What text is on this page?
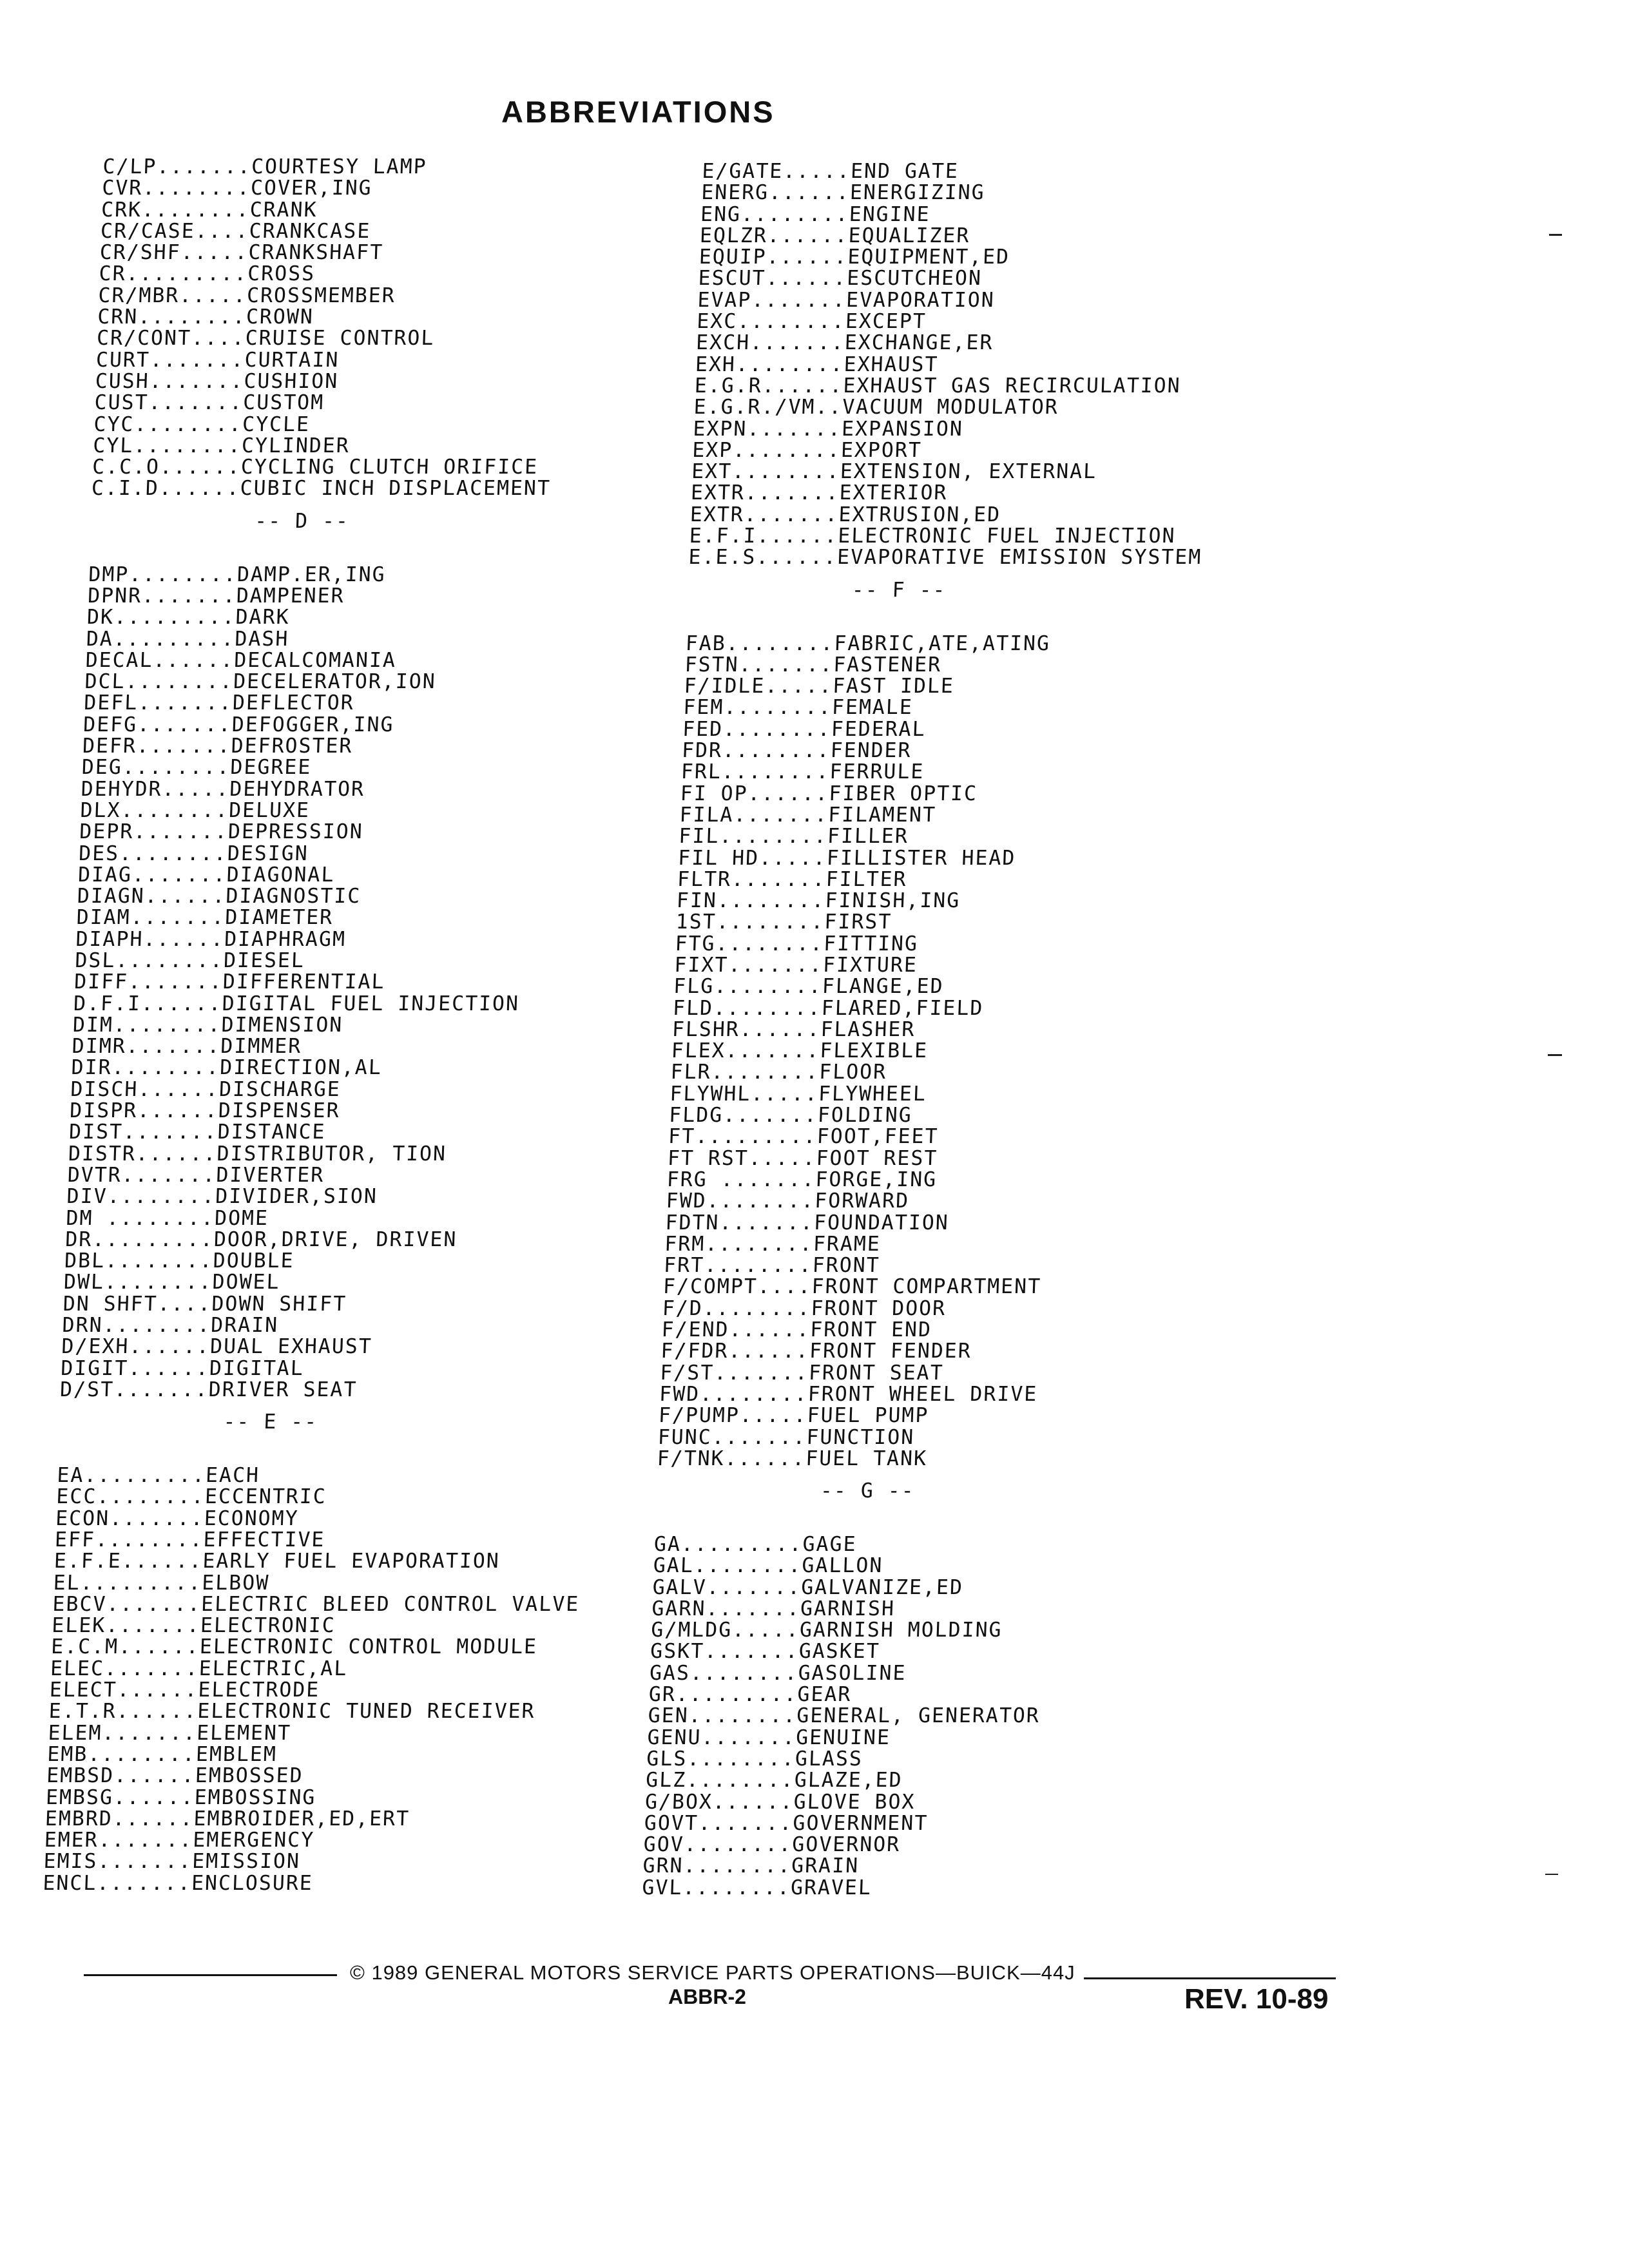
ABBREVIATIONS
C/LP.......COURTESY LAMP
CVR........COVER,ING
CRK........CRANK
CR/CASE....CRANKCASE
CR/SHF.....CRANKSHAFT
CR.........CROSS
CR/MBR.....CROSSMEMBER
CRN........CROWN
CR/CONT....CRUISE CONTROL
CURT.......CURTAIN
CUSH.......CUSHION
CUST.......CUSTOM
CYC........CYCLE
CYL........CYLINDER
C.C.O......CYCLING CLUTCH ORIFICE
C.I.D......CUBIC INCH DISPLACEMENT
-- D --
DMP........DAMP.ER,ING
DPNR.......DAMPENER
DK.........DARK
DA.........DASH
DECAL......DECALCOMANIA
DCL........DECELERATOR,ION
DEFL.......DEFLECTOR
DEFG.......DEFOGGER,ING
DEFR.......DEFROSTER
DEG........DEGREE
DEHYDR.....DEHYDRATOR
DLX........DELUXE
DEPR.......DEPRESSION
DES........DESIGN
DIAG.......DIAGONAL
DIAGN......DIAGNOSTIC
DIAM.......DIAMETER
DIAPH......DIAPHRAGM
DSL........DIESEL
DIFF.......DIFFERENTIAL
D.F.I......DIGITAL FUEL INJECTION
DIM........DIMENSION
DIMR.......DIMMER
DIR........DIRECTION,AL
DISCH......DISCHARGE
DISPR......DISPENSER
DIST.......DISTANCE
DISTR......DISTRIBUTOR, TION
DVTR.......DIVERTER
DIV........DIVIDER,SION
DM ........DOME
DR.........DOOR,DRIVE, DRIVEN
DBL........DOUBLE
DWL........DOWEL
DN SHFT....DOWN SHIFT
DRN........DRAIN
D/EXH......DUAL EXHAUST
DIGIT......DIGITAL
D/ST.......DRIVER SEAT
-- E --
EA.........EACH
ECC........ECCENTRIC
ECON.......ECONOMY
EFF........EFFECTIVE
E.F.E......EARLY FUEL EVAPORATION
EL.........ELBOW
EBCV.......ELECTRIC BLEED CONTROL VALVE
ELEK.......ELECTRONIC
E.C.M......ELECTRONIC CONTROL MODULE
ELEC.......ELECTRIC,AL
ELECT......ELECTRODE
E.T.R......ELECTRONIC TUNED RECEIVER
ELEM.......ELEMENT
EMB........EMBLEM
EMBSD......EMBOSSED
EMBSG......EMBOSSING
EMBRD......EMBROIDER,ED,ERT
EMER.......EMERGENCY
EMIS.......EMISSION
ENCL.......ENCLOSURE
E/GATE.....END GATE
ENERG......ENERGIZING
ENG........ENGINE
EQLZR......EQUALIZER
EQUIP......EQUIPMENT,ED
ESCUT......ESCUTCHEON
EVAP.......EVAPORATION
EXC........EXCEPT
EXCH.......EXCHANGE,ER
EXH........EXHAUST
E.G.R......EXHAUST GAS RECIRCULATION
E.G.R./VM..VACUUM MODULATOR
EXPN.......EXPANSION
EXP........EXPORT
EXT........EXTENSION, EXTERNAL
EXTR.......EXTERIOR
EXTR.......EXTRUSION,ED
E.F.I......ELECTRONIC FUEL INJECTION
E.E.S......EVAPORATIVE EMISSION SYSTEM
-- F --
FAB........FABRIC,ATE,ATING
FSTN.......FASTENER
F/IDLE.....FAST IDLE
FEM........FEMALE
FED........FEDERAL
FDR........FENDER
FRL........FERRULE
FI OP......FIBER OPTIC
FILA.......FILAMENT
FIL........FILLER
FIL HD.....FILLISTER HEAD
FLTR.......FILTER
FIN........FINISH,ING
1ST........FIRST
FTG........FITTING
FIXT.......FIXTURE
FLG........FLANGE,ED
FLD........FLARED,FIELD
FLSHR......FLASHER
FLEX.......FLEXIBLE
FLR........FLOOR
FLYWHL.....FLYWHEEL
FLDG.......FOLDING
FT.........FOOT,FEET
FT RST.....FOOT REST
FRG .......FORGE,ING
FWD........FORWARD
FDTN.......FOUNDATION
FRM........FRAME
FRT........FRONT
F/COMPT....FRONT COMPARTMENT
F/D........FRONT DOOR
F/END......FRONT END
F/FDR......FRONT FENDER
F/ST.......FRONT SEAT
FWD........FRONT WHEEL DRIVE
F/PUMP.....FUEL PUMP
FUNC.......FUNCTION
F/TNK......FUEL TANK
-- G --
GA.........GAGE
GAL........GALLON
GALV.......GALVANIZE,ED
GARN.......GARNISH
G/MLDG.....GARNISH MOLDING
GSKT.......GASKET
GAS........GASOLINE
GR.........GEAR
GEN........GENERAL, GENERATOR
GENU.......GENUINE
GLS........GLASS
GLZ........GLAZE,ED
G/BOX......GLOVE BOX
GOVT.......GOVERNMENT
GOV........GOVERNOR
GRN........GRAIN
GVL........GRAVEL
© 1989 GENERAL MOTORS SERVICE PARTS OPERATIONS—BUICK—44J
ABBR-2	REV. 10-89
